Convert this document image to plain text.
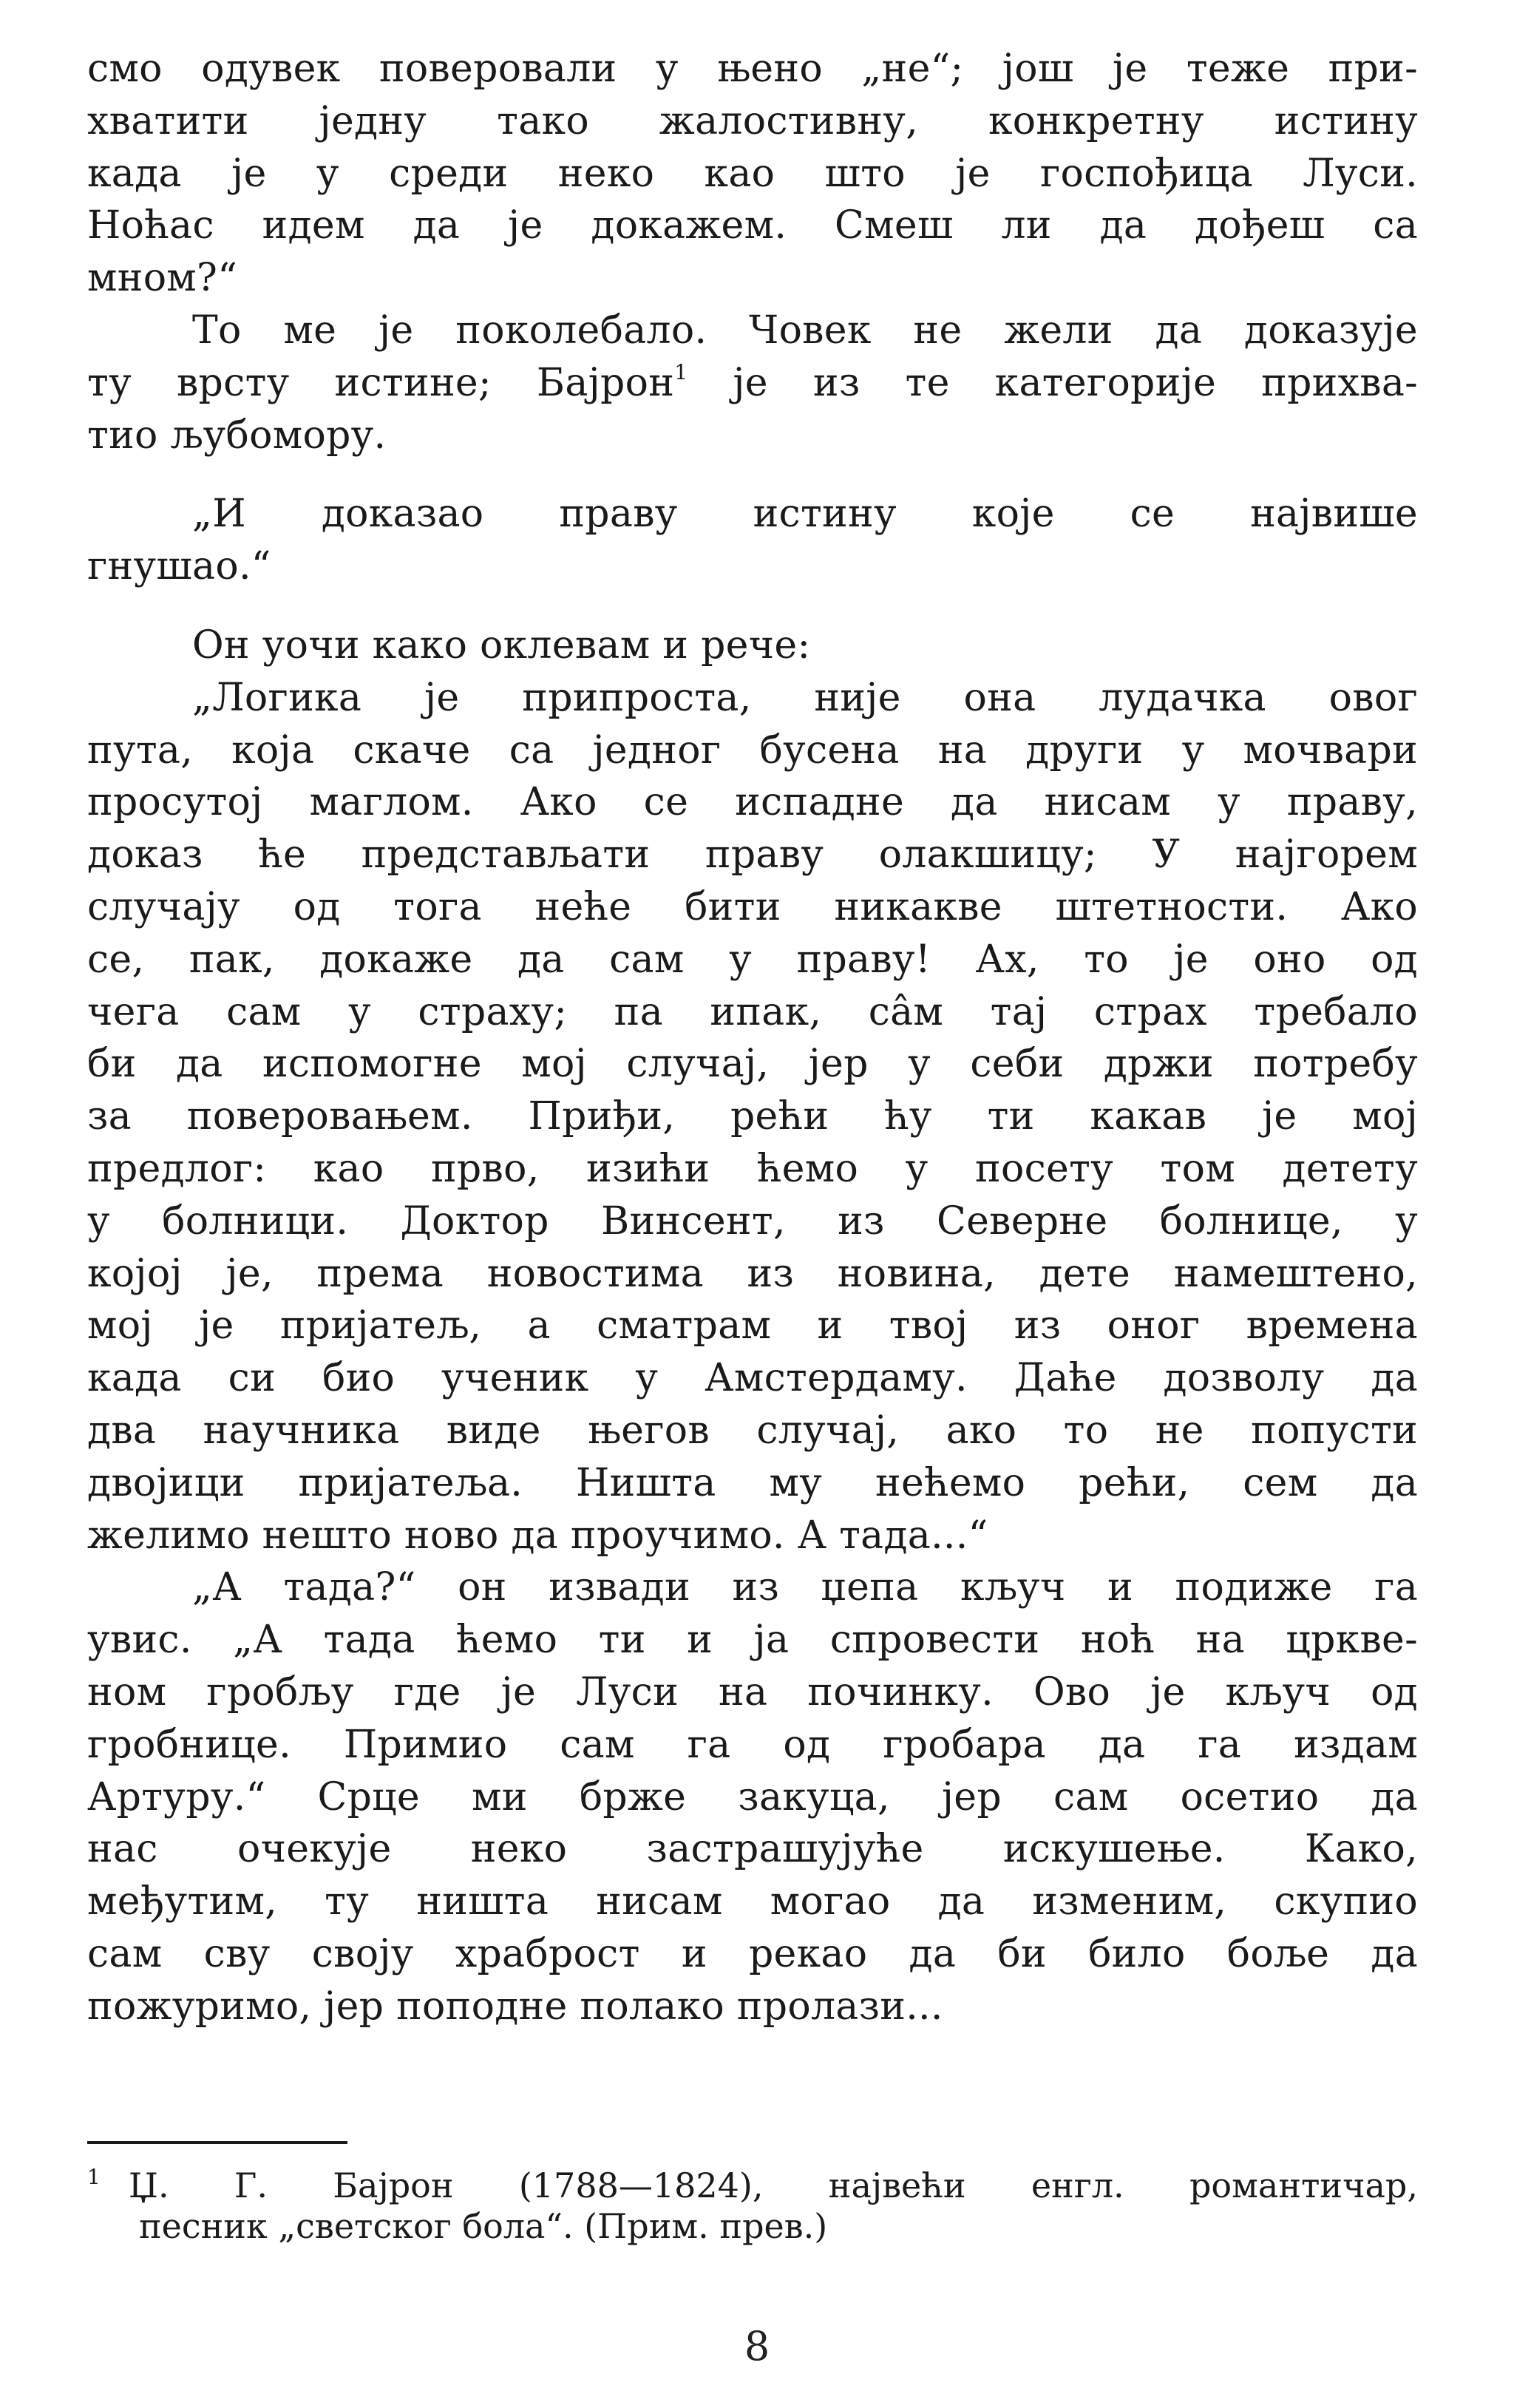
смо одувек поверовали у њено „не“; још је теже при-
хватити једну тако жалостивну, конкретну истину
када је у среди неко као што је госпођица Луси.
Ноћас идем да је докажем. Смеш ли да дођеш са
мном?“
То ме је поколебало. Човек не жели да доказује
ту врсту истине; Бајрон$^1$ је из те категорије прихва-
тио љубомору.
„И доказао праву истину које се највише
гнушао.“
Он уочи како оклевам и рече:
„Логика је припроста, није она лудачка овог
пута, која скаче са једног бусена на други у мочвари
просутој маглом. Ако се испадне да нисам у праву,
доказ ће представљати праву олакшицу; У најгорем
случају од тога неће бити никакве штетности. Ако
се, пак, докаже да сам у праву! Ах, то је оно од
чега сам у страху; па ипак, сâм тај страх требало
би да испомогне мој случај, јер у себи држи потребу
за поверовањем. Приђи, рећи ћу ти какав је мој
предлог: као прво, изићи ћемо у посету том детету
у болници. Доктор Винсент, из Северне болнице, у
којој је, према новостима из новина, дете намештено,
мој је пријатељ, а сматрам и твој из оног времена
када си био ученик у Амстердаму. Даће дозволу да
два научника виде његов случај, ако то не попусти
двојици пријатеља. Ништа му нећемо рећи, сем да
желимо нешто ново да проучимо. А тада...“
„А тада?“ он извади из џепа кључ и подиже га
увис. „А тада ћемо ти и ја спровести ноћ на цркве-
ном гробљу где је Луси на починку. Ово је кључ од
гробнице. Примио сам га од гробара да га издам
Артуру.“ Срце ми брже закуца, јер сам осетио да
нас очекује неко застрашујуће искушење. Како,
међутим, ту ништа нисам могао да изменим, скупио
сам сву своју храброст и рекао да би било боље да
пожуримо, јер поподне полако пролази...
$^1$ Џ. Г. Бајрон (1788—1824), највећи енгл. романтичар,
песник „светског бола“. (Прим. прев.)
8
